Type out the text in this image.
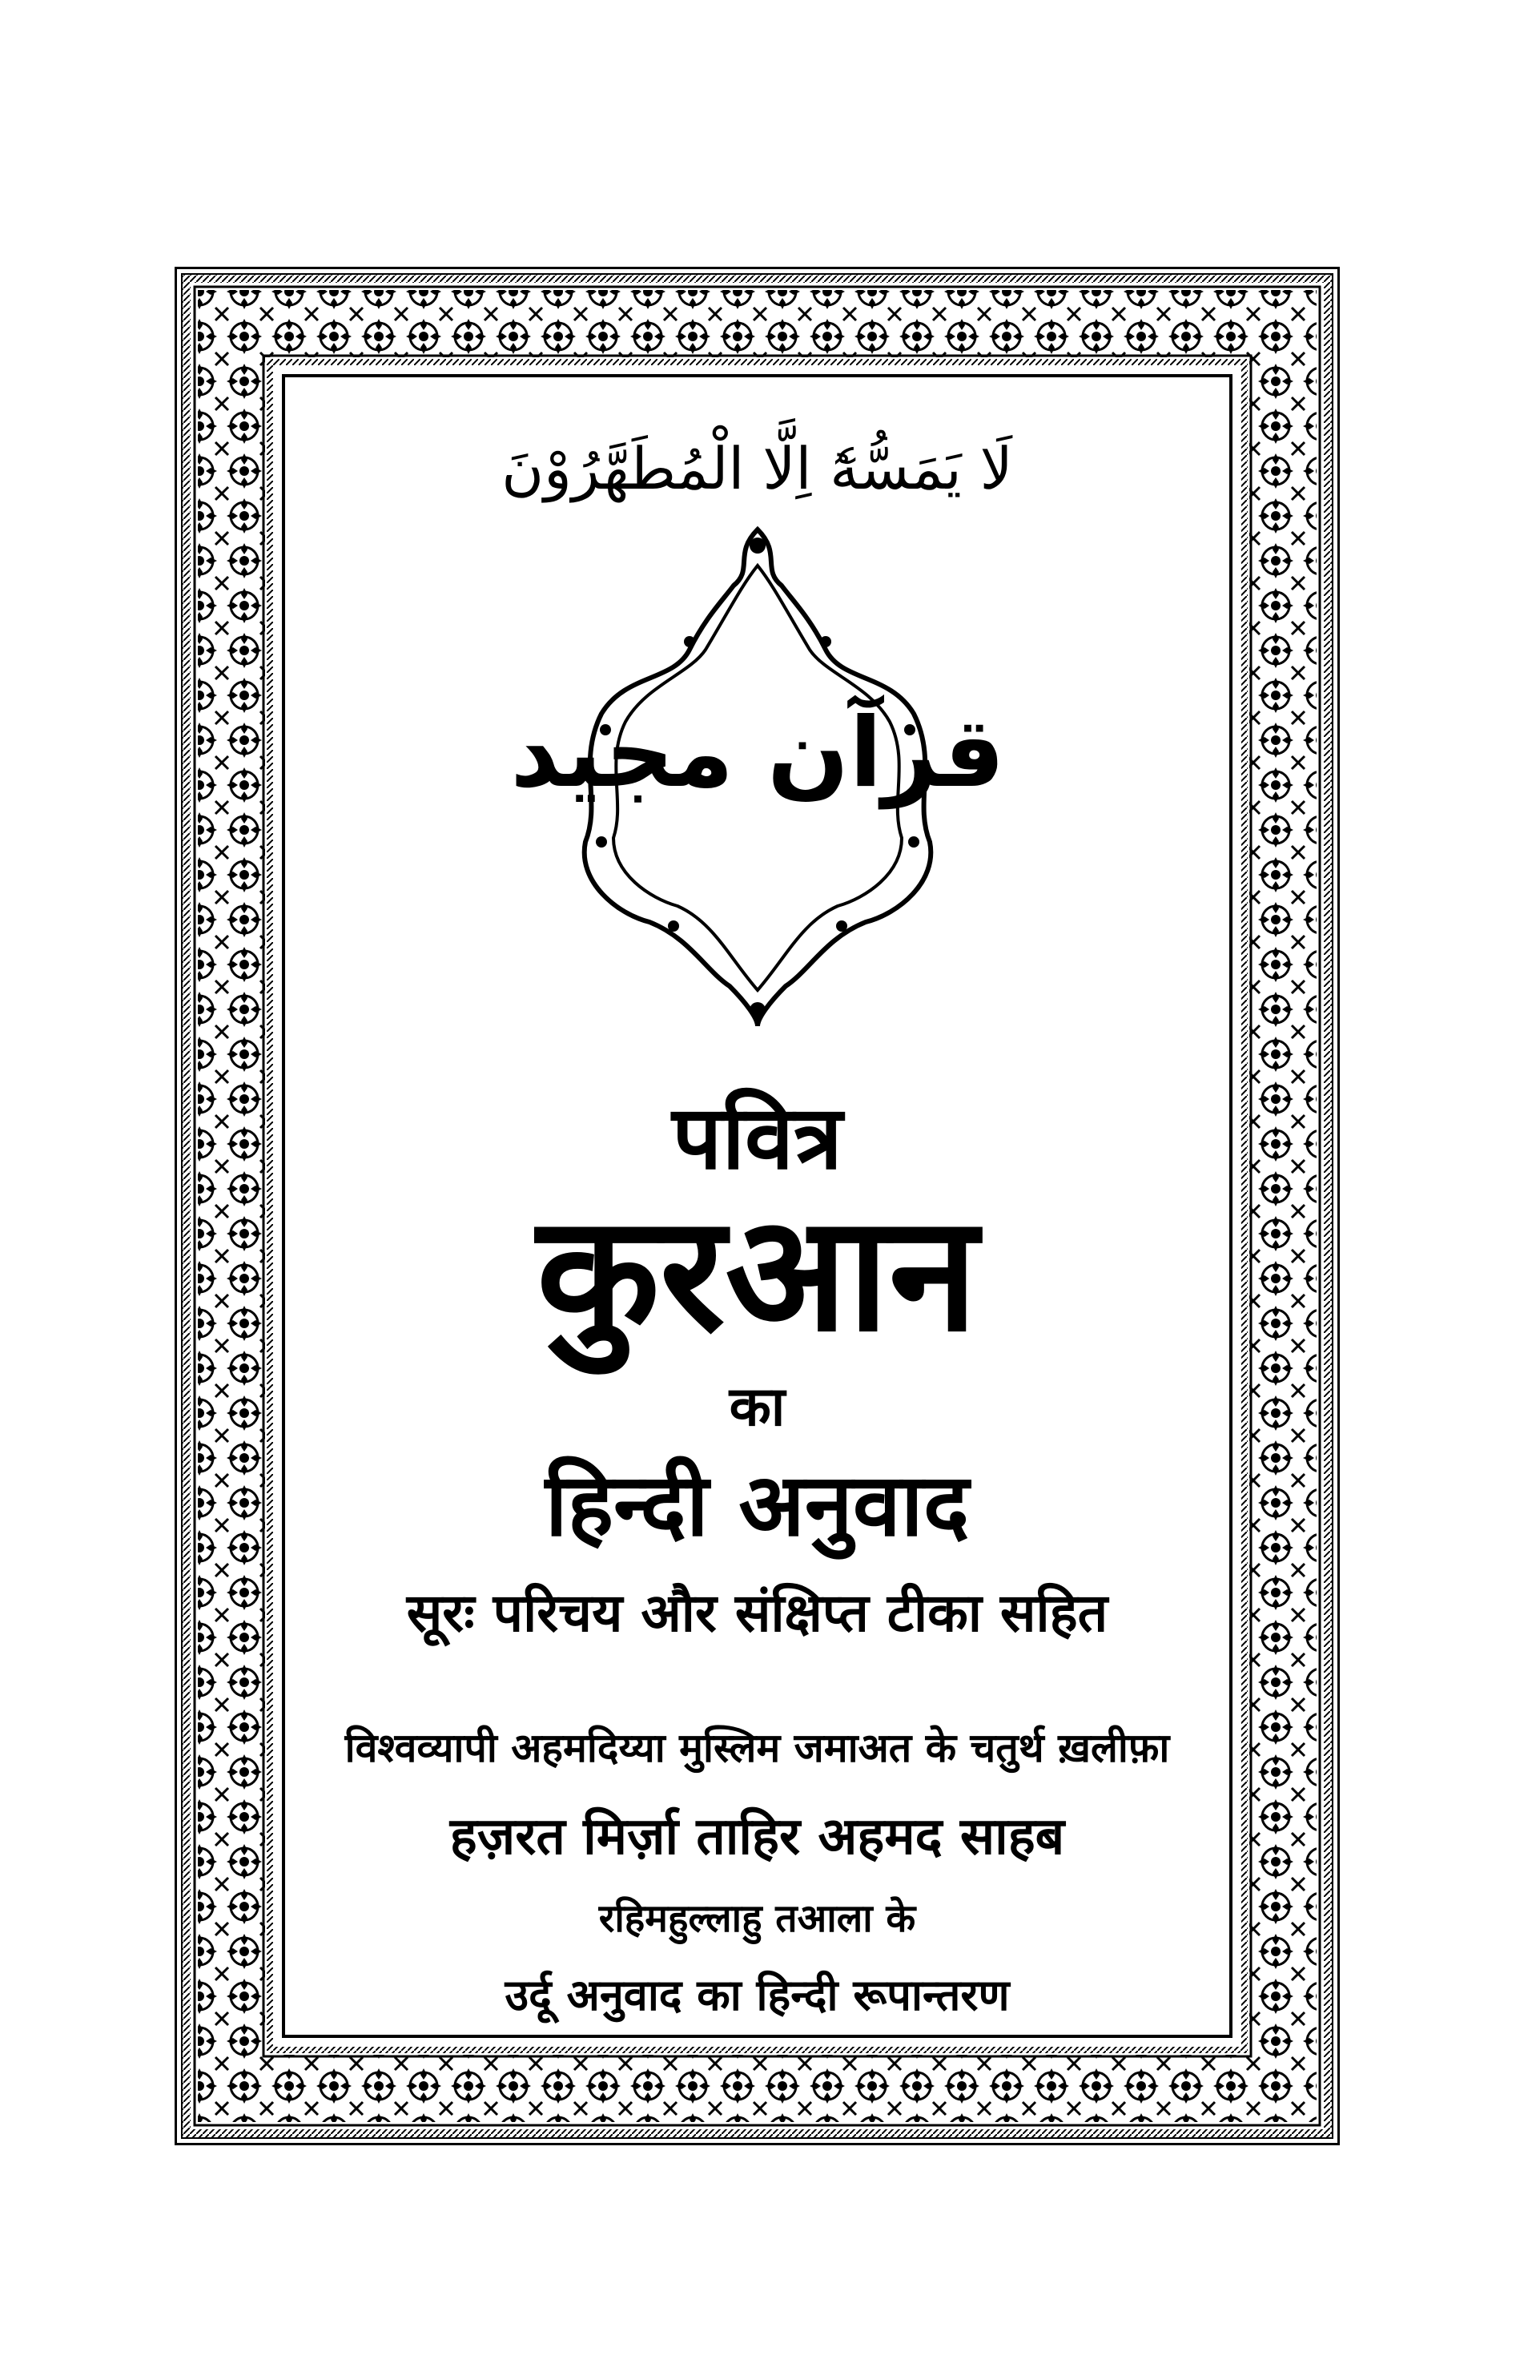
لَا يَمَسُّهٗٓ اِلَّا الْمُطَهَّرُوْنَ
قرآن مجید
पवित्र
कुरआन
का
हिन्दी अनुवाद
सूरः परिचय और संक्षिप्त टीका सहित
विश्वव्यापी अहमदिय्या मुस्लिम जमाअत के चतुर्थ ख़लीफ़ा
हज़रत मिर्ज़ा ताहिर अहमद साहब
रहिमहुल्लाहु तआला के
उर्दू अनुवाद का हिन्दी रूपान्तरण
